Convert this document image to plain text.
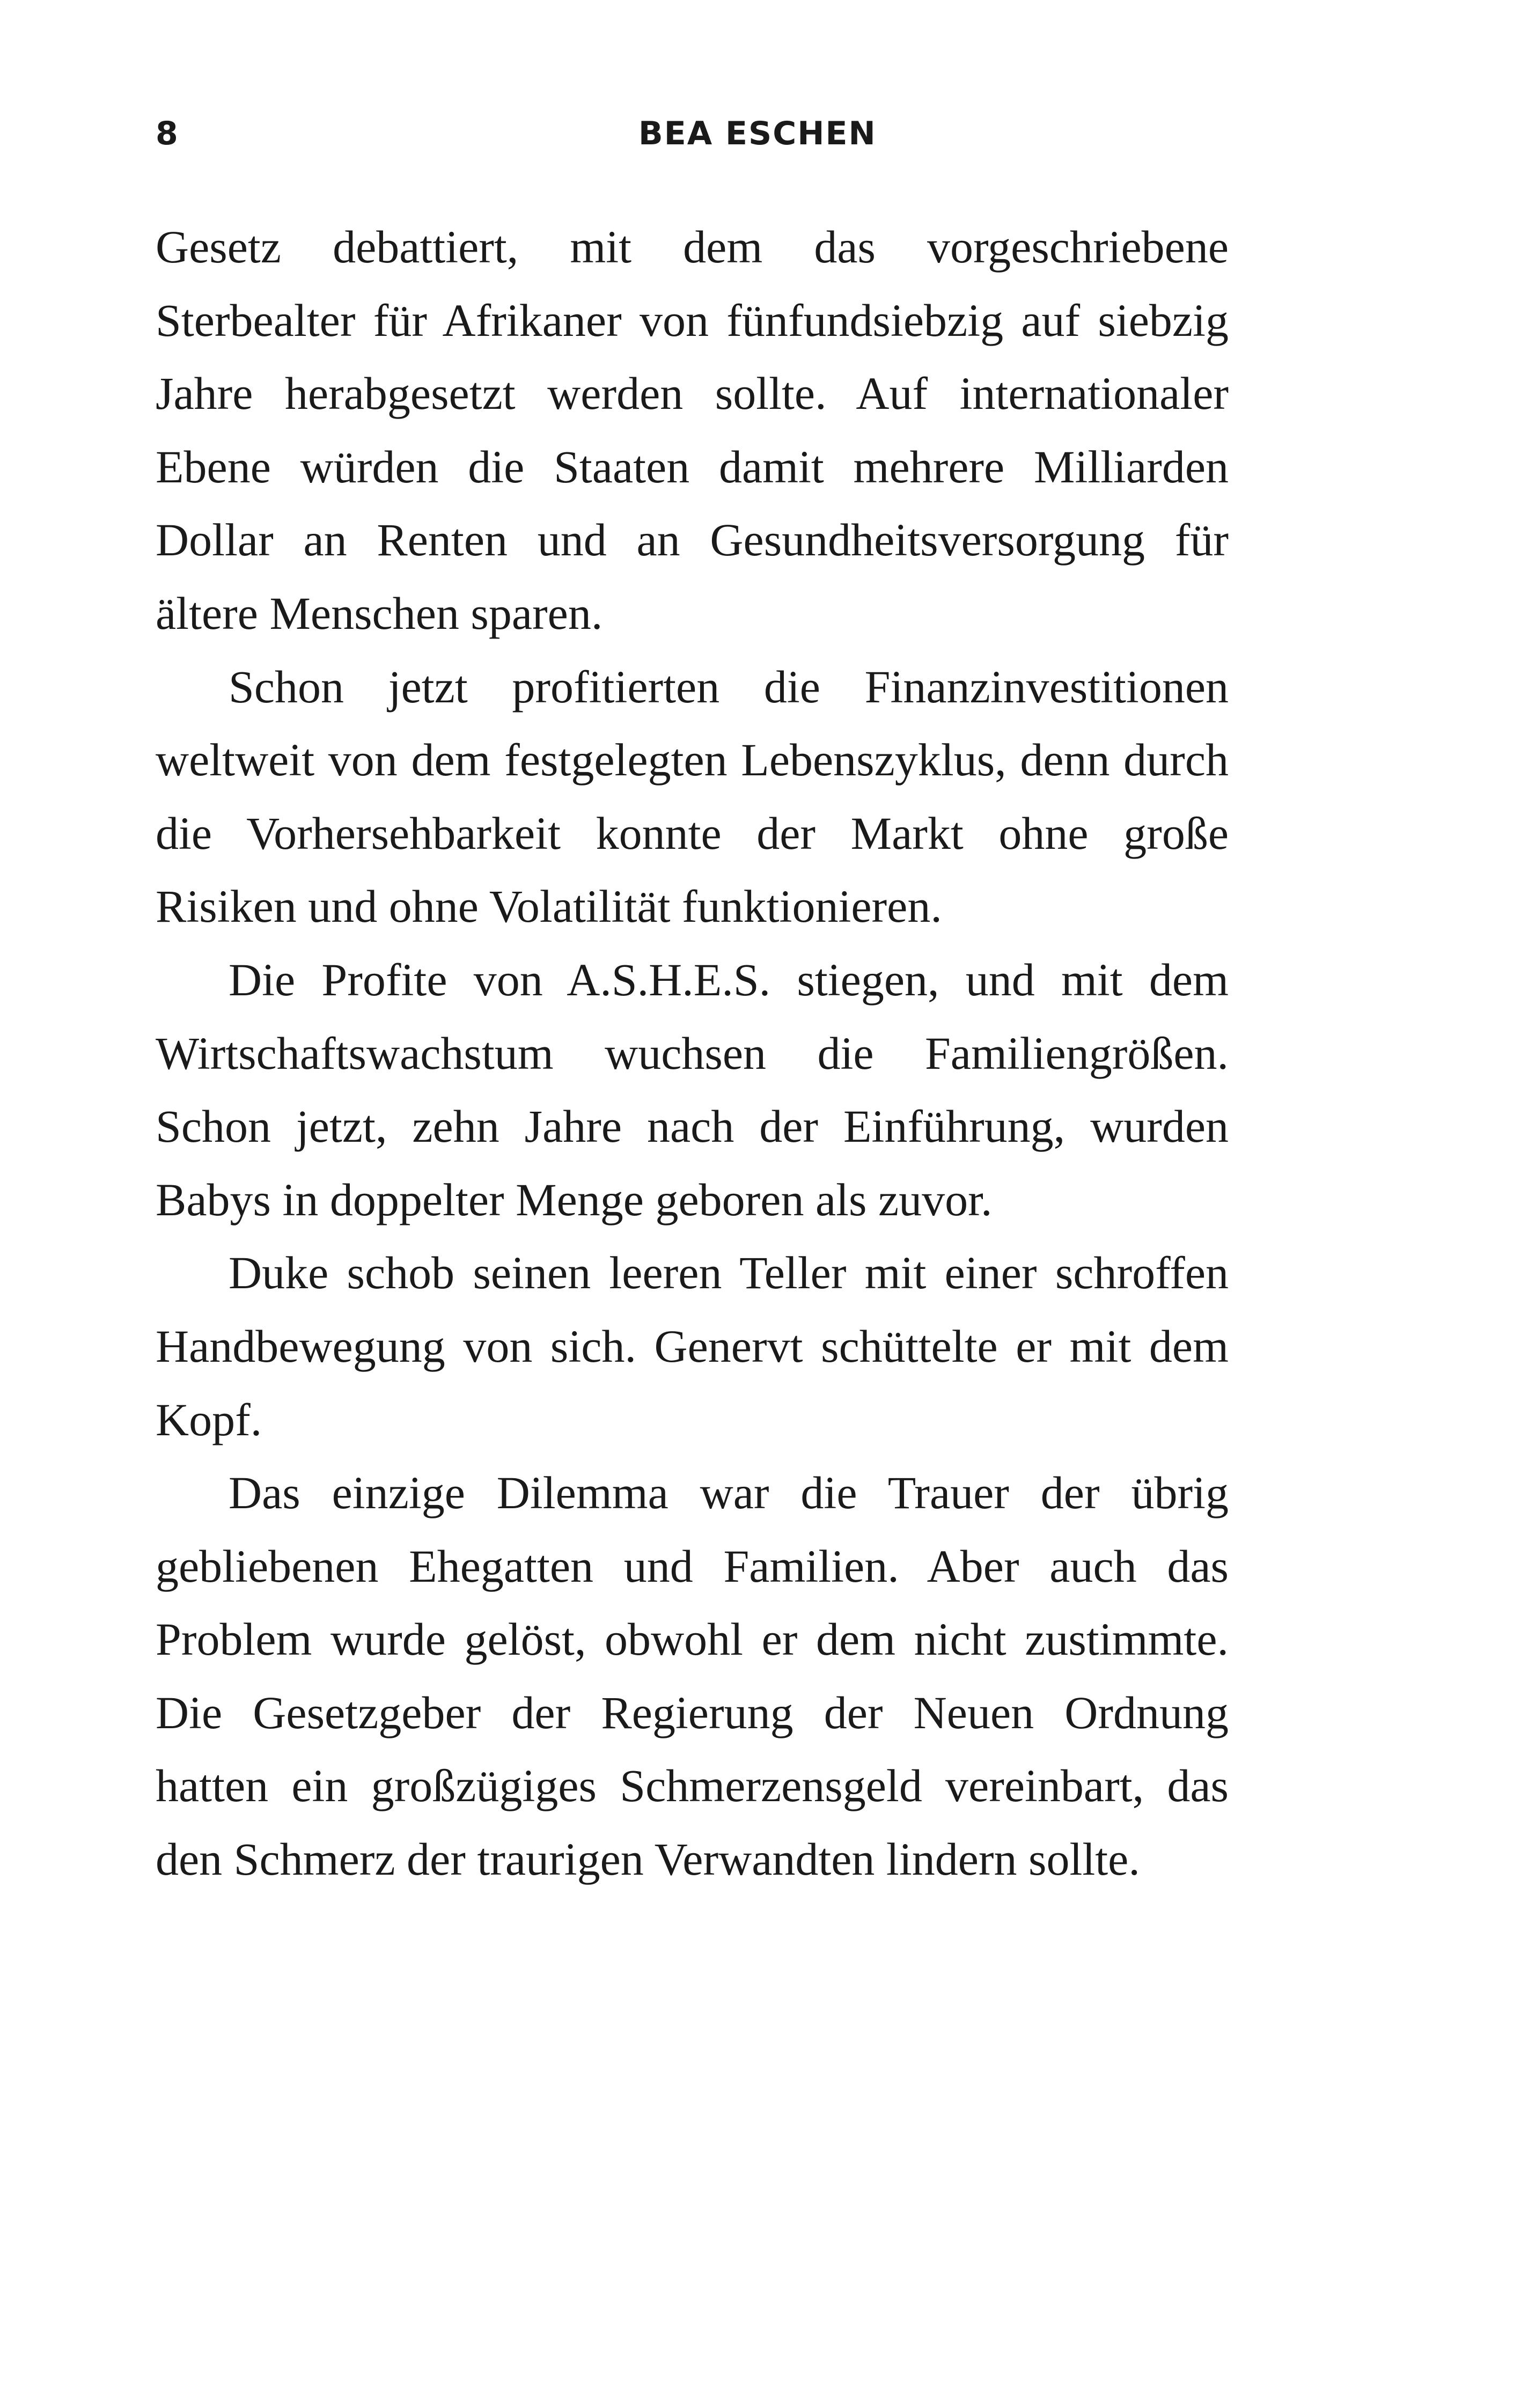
8	BEA ESCHEN

Gesetz debattiert, mit dem das vorgeschriebene Sterbealter für Afrikaner von fünfundsiebzig auf siebzig Jahre herabgesetzt werden sollte. Auf internationaler Ebene würden die Staaten damit mehrere Milliarden Dollar an Renten und an Gesundheitsversorgung für ältere Menschen sparen.

Schon jetzt profitierten die Finanzinvestitionen weltweit von dem festgelegten Lebenszyklus, denn durch die Vorhersehbarkeit konnte der Markt ohne große Risiken und ohne Volatilität funktionieren.

Die Profite von A.S.H.E.S. stiegen, und mit dem Wirtschaftswachstum wuchsen die Familiengrößen. Schon jetzt, zehn Jahre nach der Einführung, wurden Babys in doppelter Menge geboren als zuvor.

Duke schob seinen leeren Teller mit einer schroffen Handbewegung von sich. Genervt schüttelte er mit dem Kopf.

Das einzige Dilemma war die Trauer der übrig gebliebenen Ehegatten und Familien. Aber auch das Problem wurde gelöst, obwohl er dem nicht zustimmte. Die Gesetzgeber der Regierung der Neuen Ordnung hatten ein großzügiges Schmerzensgeld vereinbart, das den Schmerz der traurigen Verwandten lindern sollte.
